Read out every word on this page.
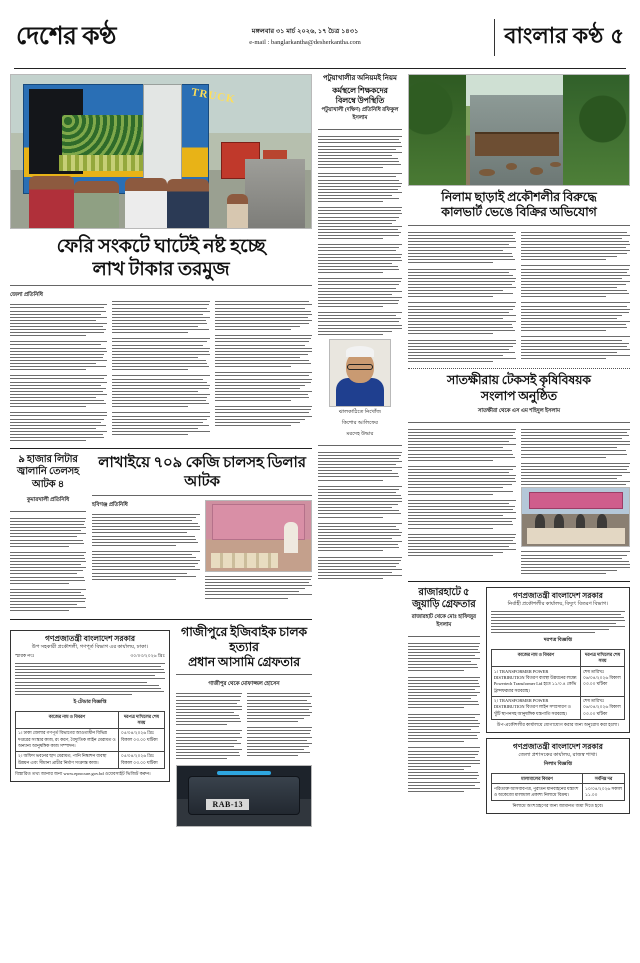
দেশের কণ্ঠ	মঙ্গলবার ৩১ মার্চ ২০২৬, ১৭ চৈত্র ১৪৩১
e-mail : banglarkantha@desherkantha.com	বাংলার কণ্ঠ ৫
TRUCK
ফেরি সংকটে ঘাটেই নষ্ট হচ্ছে
লাখ টাকার তরমুজ
জেলা প্রতিনিধি
৯ হাজার লিটার
জ্বালানি তেলসহ
আটক ৪
কুমারখালী প্রতিনিধি
লাখাইয়ে ৭০৯ কেজি চালসহ ডিলার আটক
হবিগঞ্জ প্রতিনিধি
গণপ্রজাতন্ত্রী বাংলাদেশ সরকার
উপ সহকারী প্রকৌশলী, গণপূর্ত বিভাগ এর কার্যালয়, ঢাকা।
স্মারক নংঃ	৩০/০৩/২০২৬ খ্রিঃ
ই-টেন্ডার বিজ্ঞপ্তি
কাজের নাম ও বিবরণ	দরপত্র দাখিলের শেষ সময়
১। ঢাকা জেলার গণপূর্ত বিভাগের আওতাধীন বিভিন্ন দপ্তরের সংস্কার কাজ, রং করণ, বৈদ্যুতিক লাইন মেরামত ও অন্যান্য আনুষঙ্গিক কাজ সম্পাদন।	০৫/০৪/২০২৬ খ্রিঃ বিকাল ০৩.০০ ঘটিকা
২। অফিস ভবনের ছাদ মেরামত, পানি নিষ্কাশন ব্যবস্থা উন্নয়ন এবং সীমানা প্রাচীর নির্মাণ সংক্রান্ত কাজ।	০৫/০৪/২০২৬ খ্রিঃ বিকাল ০৩.০০ ঘটিকা
বিস্তারিত তথ্য জানার জন্য www.eprocure.gov.bd ওয়েবসাইট ভিজিট করুন।
গাজীপুরে ইজিবাইক চালক হত্যার
প্রধান আসামি গ্রেফতার
গাজীপুর থেকে মোফাজ্জল হোসেন
RAB-13
পটুয়াখালীর অনিয়মই নিয়ম
কর্মস্থলে শিক্ষকদের
বিলম্বে উপস্থিতি
পটুয়াখালী (দক্ষিণ) প্রতিনিধি রফিকুল ইসলাম
ঝালকাঠিতে নিখোঁজ
কিশোর আলিফের
মরদেহ উদ্ধার
নিলাম ছাড়াই প্রকৌশলীর বিরুদ্ধে
কালভার্ট ভেঙে বিক্রির অভিযোগ
সাতক্ষীরায় টেকসই কৃষিবিষয়ক
সংলাপ অনুষ্ঠিত
সাতক্ষীরা থেকে এস এম শহিদুল ইসলাম
রাজারহাটে ৫
জুয়াড়ি গ্রেফতার
রাজারহাট থেকে মোঃ হাফিজুর ইসলাম
গণপ্রজাতন্ত্রী বাংলাদেশ সরকার
নির্বাহী প্রকৌশলীর কার্যালয়, বিদ্যুৎ বিতরণ বিভাগ।
দরপত্র বিজ্ঞপ্তি
কাজের নাম ও বিবরণ	দরপত্র দাখিলের শেষ সময়
১। TRANSFORMER POWER DISTRIBUTION বিতরণ ব্যবস্থা উন্নয়নের লক্ষ্যে Powertech Transformer Ltd হতে ১১/০.৪ কেভি ট্রান্সফরমার সরবরাহ।	শেষ তারিখঃ ০৬/০৪/২০২৬ বিকাল ০৩.০০ ঘটিকা
২। TRANSFORMER POWER DISTRIBUTION বিতরণ লাইন সম্প্রসারণ ও খুঁটি স্থাপনসহ আনুষঙ্গিক যন্ত্রপাতি সরবরাহ।	শেষ তারিখঃ ০৬/০৪/২০২৬ বিকাল ০৩.০০ ঘটিকা
উপ-প্রকৌশলীর কার্যালয়ে যোগাযোগ করার জন্য অনুরোধ করা হলো।
গণপ্রজাতন্ত্রী বাংলাদেশ সরকার
জেলা প্রশাসকের কার্যালয়, রাজস্ব শাখা।
নিলাম বিজ্ঞপ্তি
মালামালের বিবরণ	সর্বনিম্ন দর
পরিত্যক্ত আসবাবপত্র, পুরাতন যানবাহনের যন্ত্রাংশ ও অকেজো মালামাল প্রকাশ্য নিলামে বিক্রয়।	১০/০৪/২০২৬ সকাল ১১.০০
নিলামে অংশগ্রহণের জন্য জামানত জমা দিতে হবে।
